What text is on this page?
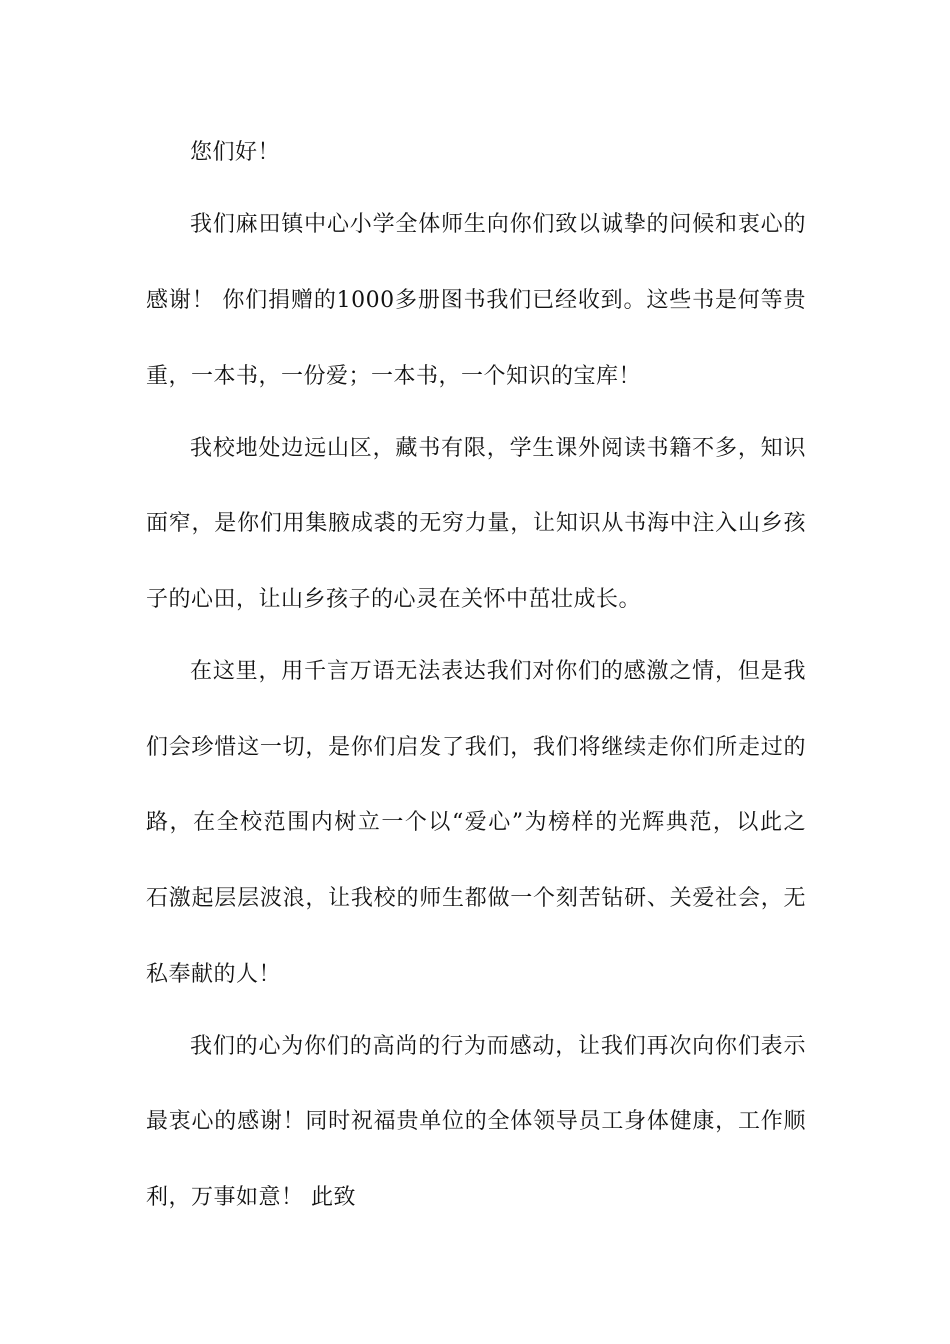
您们好！
我们麻田镇中心小学全体师生向你们致以诚挚的问候和衷心的
感谢！ 你们捐赠的1000多册图书我们已经收到。这些书是何等贵
重，一本书，一份爱；一本书，一个知识的宝库！
我校地处边远山区，藏书有限，学生课外阅读书籍不多，知识
面窄，是你们用集腋成裘的无穷力量，让知识从书海中注入山乡孩
子的心田，让山乡孩子的心灵在关怀中茁壮成长。
在这里，用千言万语无法表达我们对你们的感激之情，但是我
们会珍惜这一切，是你们启发了我们，我们将继续走你们所走过的
路，在全校范围内树立一个以“爱心”为榜样的光辉典范，以此之
石激起层层波浪，让我校的师生都做一个刻苦钻研、关爱社会，无
私奉献的人！
我们的心为你们的高尚的行为而感动，让我们再次向你们表示
最衷心的感谢！同时祝福贵单位的全体领导员工身体健康，工作顺
利，万事如意！ 此致
